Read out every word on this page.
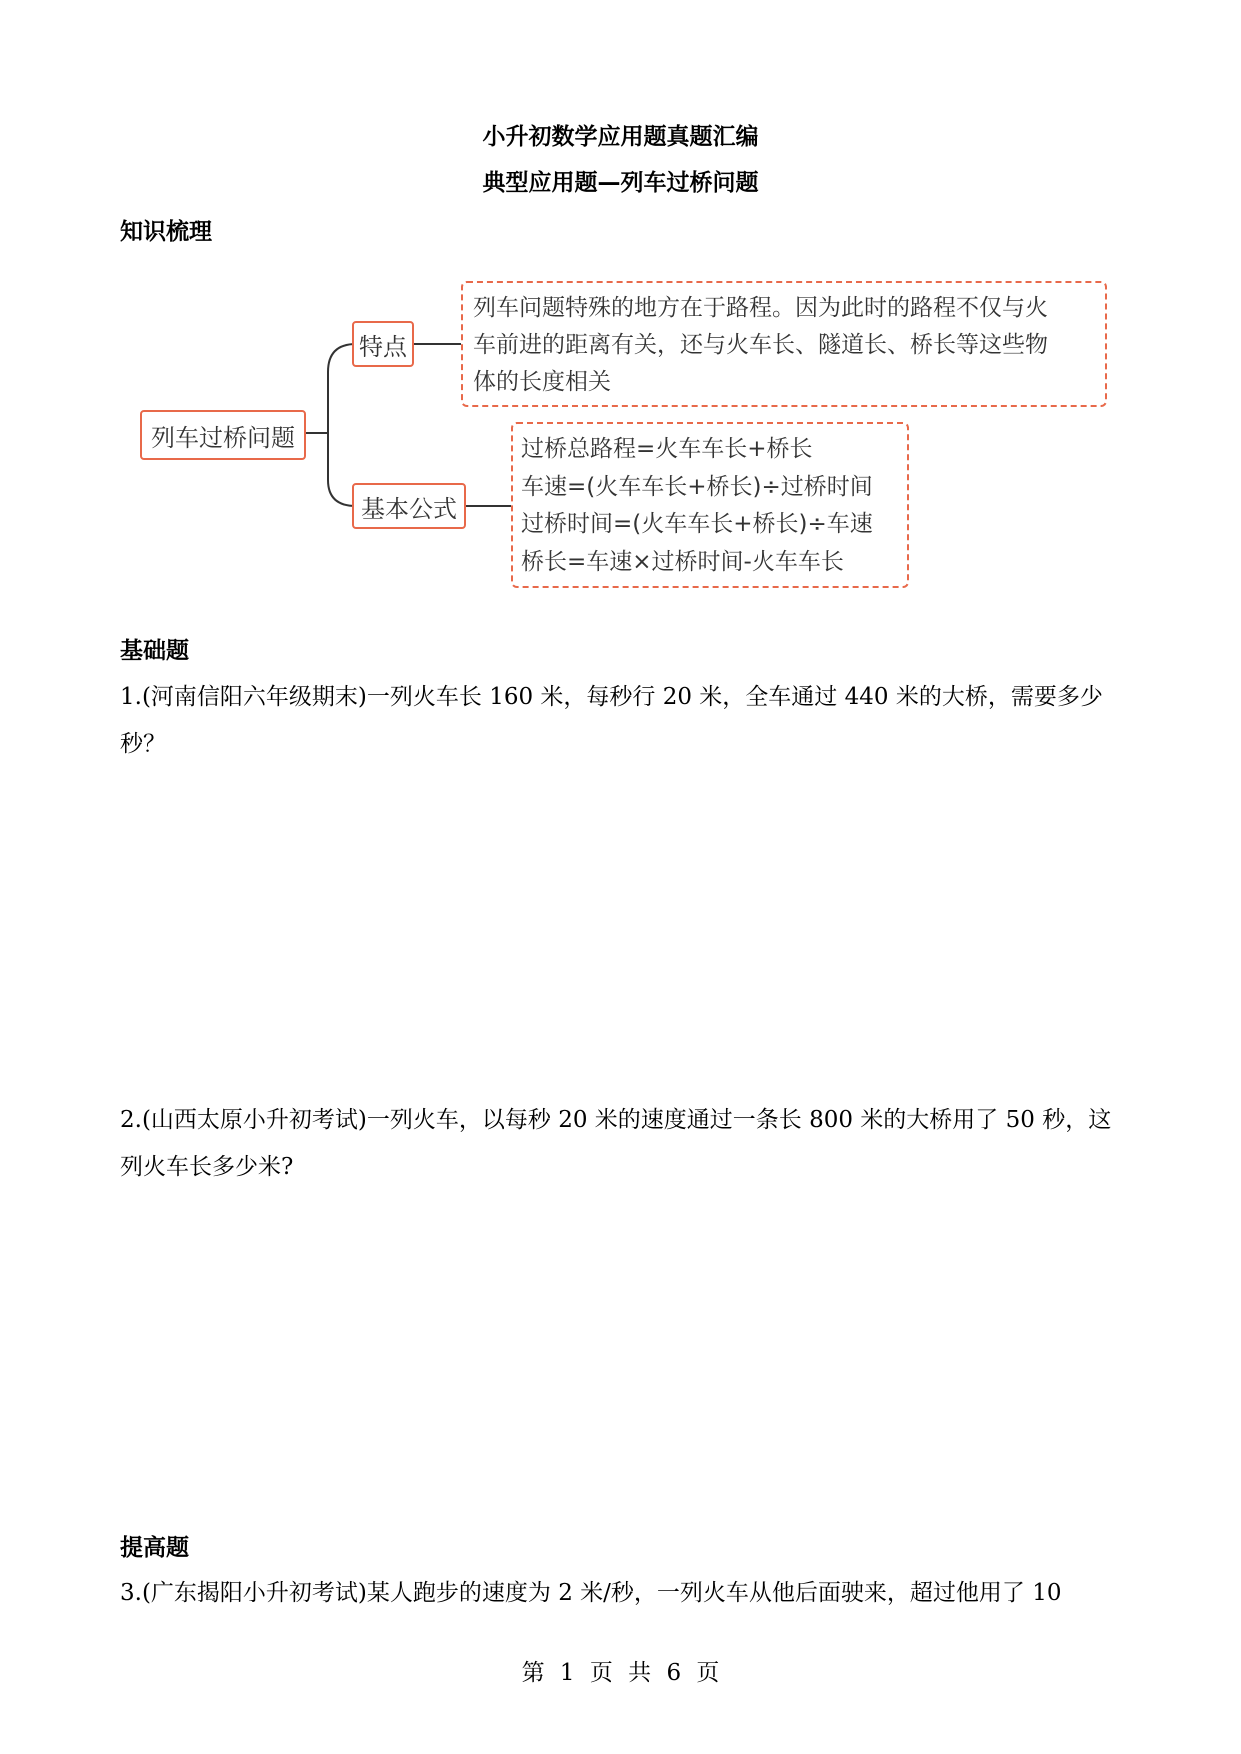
小升初数学应用题真题汇编
典型应用题—列车过桥问题
知识梳理
列车过桥问题
特点
基本公式
列车问题特殊的地方在于路程。因为此时的路程不仅与火
车前进的距离有关，还与火车长、隧道长、桥长等这些物
体的长度相关
过桥总路程=火车车长+桥长
车速=(火车车长+桥长)÷过桥时间
过桥时间=(火车车长+桥长)÷车速
桥长=车速×过桥时间-火车车长
基础题
1.(河南信阳六年级期末)一列火车长 160 米，每秒行 20 米，全车通过 440 米的大桥，需要多少秒？
2.(山西太原小升初考试)一列火车，以每秒 20 米的速度通过一条长 800 米的大桥用了 50 秒，这列火车长多少米?
提高题
3.(广东揭阳小升初考试)某人跑步的速度为 2 米/秒，一列火车从他后面驶来，超过他用了 10
第 1 页 共 6 页
